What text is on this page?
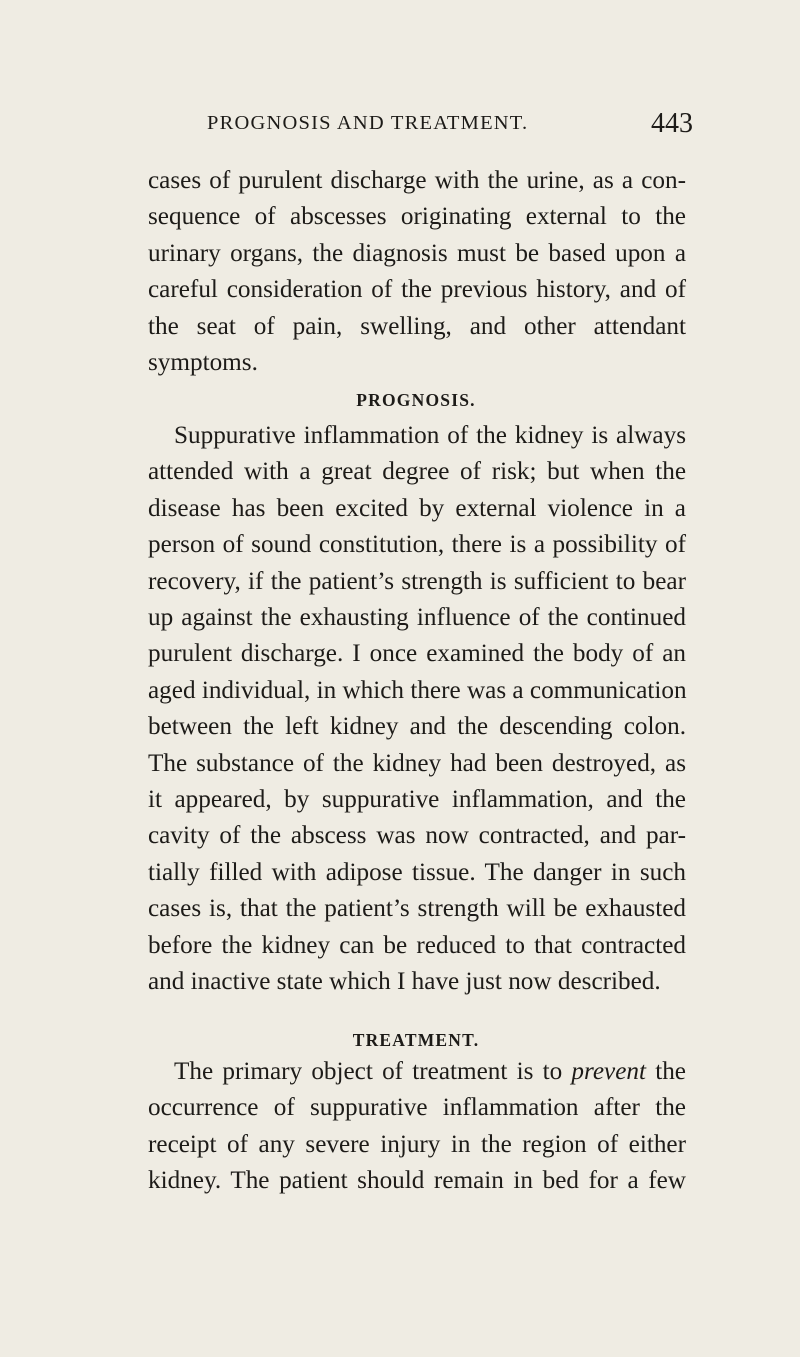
PROGNOSIS AND TREATMENT.	443

cases of purulent discharge with the urine, as a con-
sequence of abscesses originating external to the
urinary organs, the diagnosis must be based upon a
careful consideration of the previous history, and of
the seat of pain, swelling, and other attendant
symptoms.

PROGNOSIS.

Suppurative inflammation of the kidney is always
attended with a great degree of risk; but when the
disease has been excited by external violence in a
person of sound constitution, there is a possibility of
recovery, if the patient’s strength is sufficient to bear
up against the exhausting influence of the continued
purulent discharge. I once examined the body of an
aged individual, in which there was a communication
between the left kidney and the descending colon.
The substance of the kidney had been destroyed, as
it appeared, by suppurative inflammation, and the
cavity of the abscess was now contracted, and par-
tially filled with adipose tissue. The danger in such
cases is, that the patient’s strength will be exhausted
before the kidney can be reduced to that contracted
and inactive state which I have just now described.

TREATMENT.

The primary object of treatment is to prevent the
occurrence of suppurative inflammation after the
receipt of any severe injury in the region of either
kidney. The patient should remain in bed for a few
